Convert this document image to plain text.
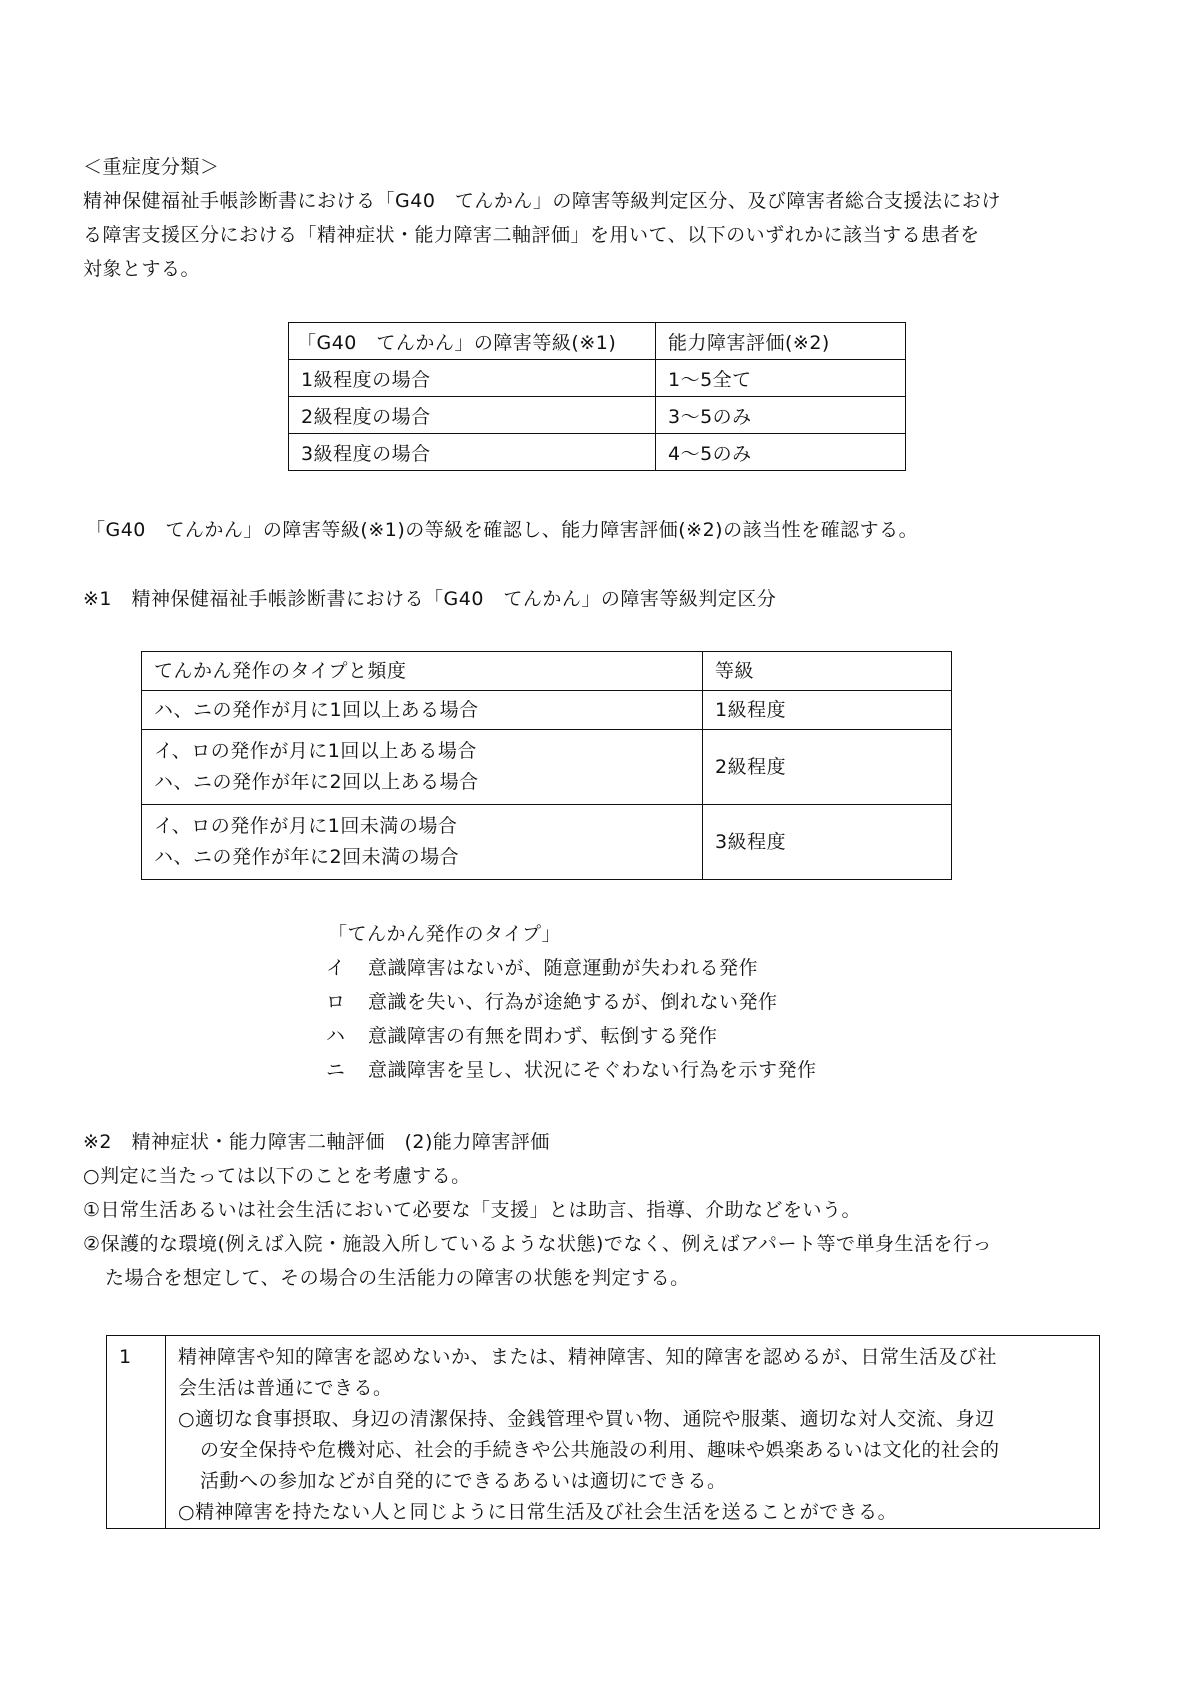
＜重症度分類＞
精神保健福祉手帳診断書における「G40　てんかん」の障害等級判定区分、及び障害者総合支援法におけ
る障害支援区分における「精神症状・能力障害二軸評価」を用いて、以下のいずれかに該当する患者を
対象とする。
「G40　てんかん」の障害等級(※1)	能力障害評価(※2)
1級程度の場合	1～5全て
2級程度の場合	3～5のみ
3級程度の場合	4～5のみ
「G40　てんかん」の障害等級(※1)の等級を確認し、能力障害評価(※2)の該当性を確認する。
※1　精神保健福祉手帳診断書における「G40　てんかん」の障害等級判定区分
てんかん発作のタイプと頻度	等級

ハ、ニの発作が月に1回以上ある場合	1級程度

イ、ロの発作が月に1回以上ある場合
ハ、ニの発作が年に2回以上ある場合	2級程度

イ、ロの発作が月に1回未満の場合
ハ、ニの発作が年に2回未満の場合	3級程度
「てんかん発作のタイプ」
イ 意識障害はないが、随意運動が失われる発作
ロ 意識を失い、行為が途絶するが、倒れない発作
ハ 意識障害の有無を問わず、転倒する発作
ニ 意識障害を呈し、状況にそぐわない行為を示す発作
※2　精神症状・能力障害二軸評価　(2)能力障害評価
○判定に当たっては以下のことを考慮する。
①日常生活あるいは社会生活において必要な「支援」とは助言、指導、介助などをいう。
②保護的な環境(例えば入院・施設入所しているような状態)でなく、例えばアパート等で単身生活を行っ
た場合を想定して、その場合の生活能力の障害の状態を判定する。
1	精神障害や知的障害を認めないか、または、精神障害、知的障害を認めるが、日常生活及び社
会生活は普通にできる。
○適切な食事摂取、身辺の清潔保持、金銭管理や買い物、通院や服薬、適切な対人交流、身辺
の安全保持や危機対応、社会的手続きや公共施設の利用、趣味や娯楽あるいは文化的社会的
活動への参加などが自発的にできるあるいは適切にできる。
○精神障害を持たない人と同じように日常生活及び社会生活を送ることができる。
